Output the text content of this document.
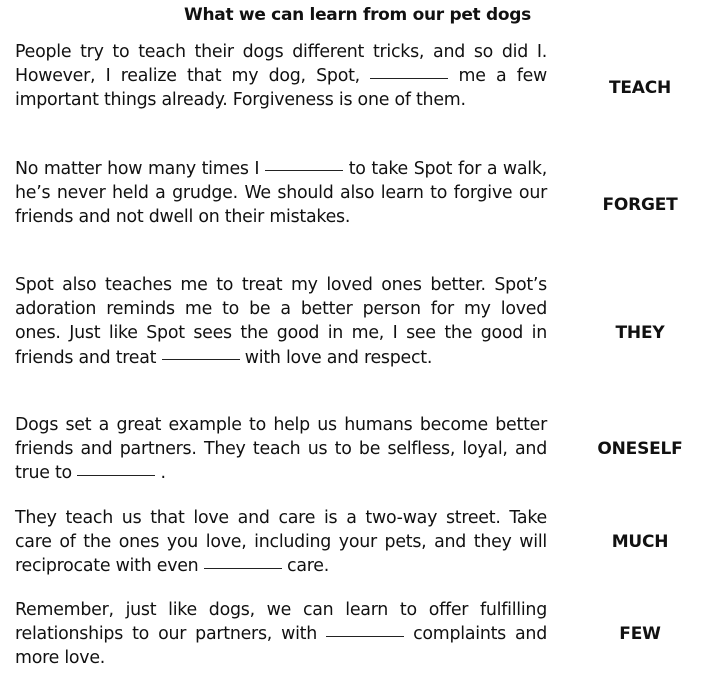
What we can learn from our pet dogs
People try to teach their dogs different tricks, and so did I. However, I realize that my dog, Spot,	me a few important things already. Forgiveness is one of them.
TEACH
No matter how many times I	to take Spot for a walk, he’s never held a grudge. We should also learn to forgive our friends and not dwell on their mistakes.
FORGET
Spot also teaches me to treat my loved ones better. Spot’s adoration reminds me to be a better person for my loved ones. Just like Spot sees the good in me, I see the good in friends and treat	with love and respect.
THEY
Dogs set a great example to help us humans become better friends and partners. They teach us to be selfless, loyal, and true to	.
ONESELF
They teach us that love and care is a two-way street. Take care of the ones you love, including your pets, and they will reciprocate with even	care.
MUCH
Remember, just like dogs, we can learn to offer fulfilling relationships to our partners, with	complaints and more love.
FEW
